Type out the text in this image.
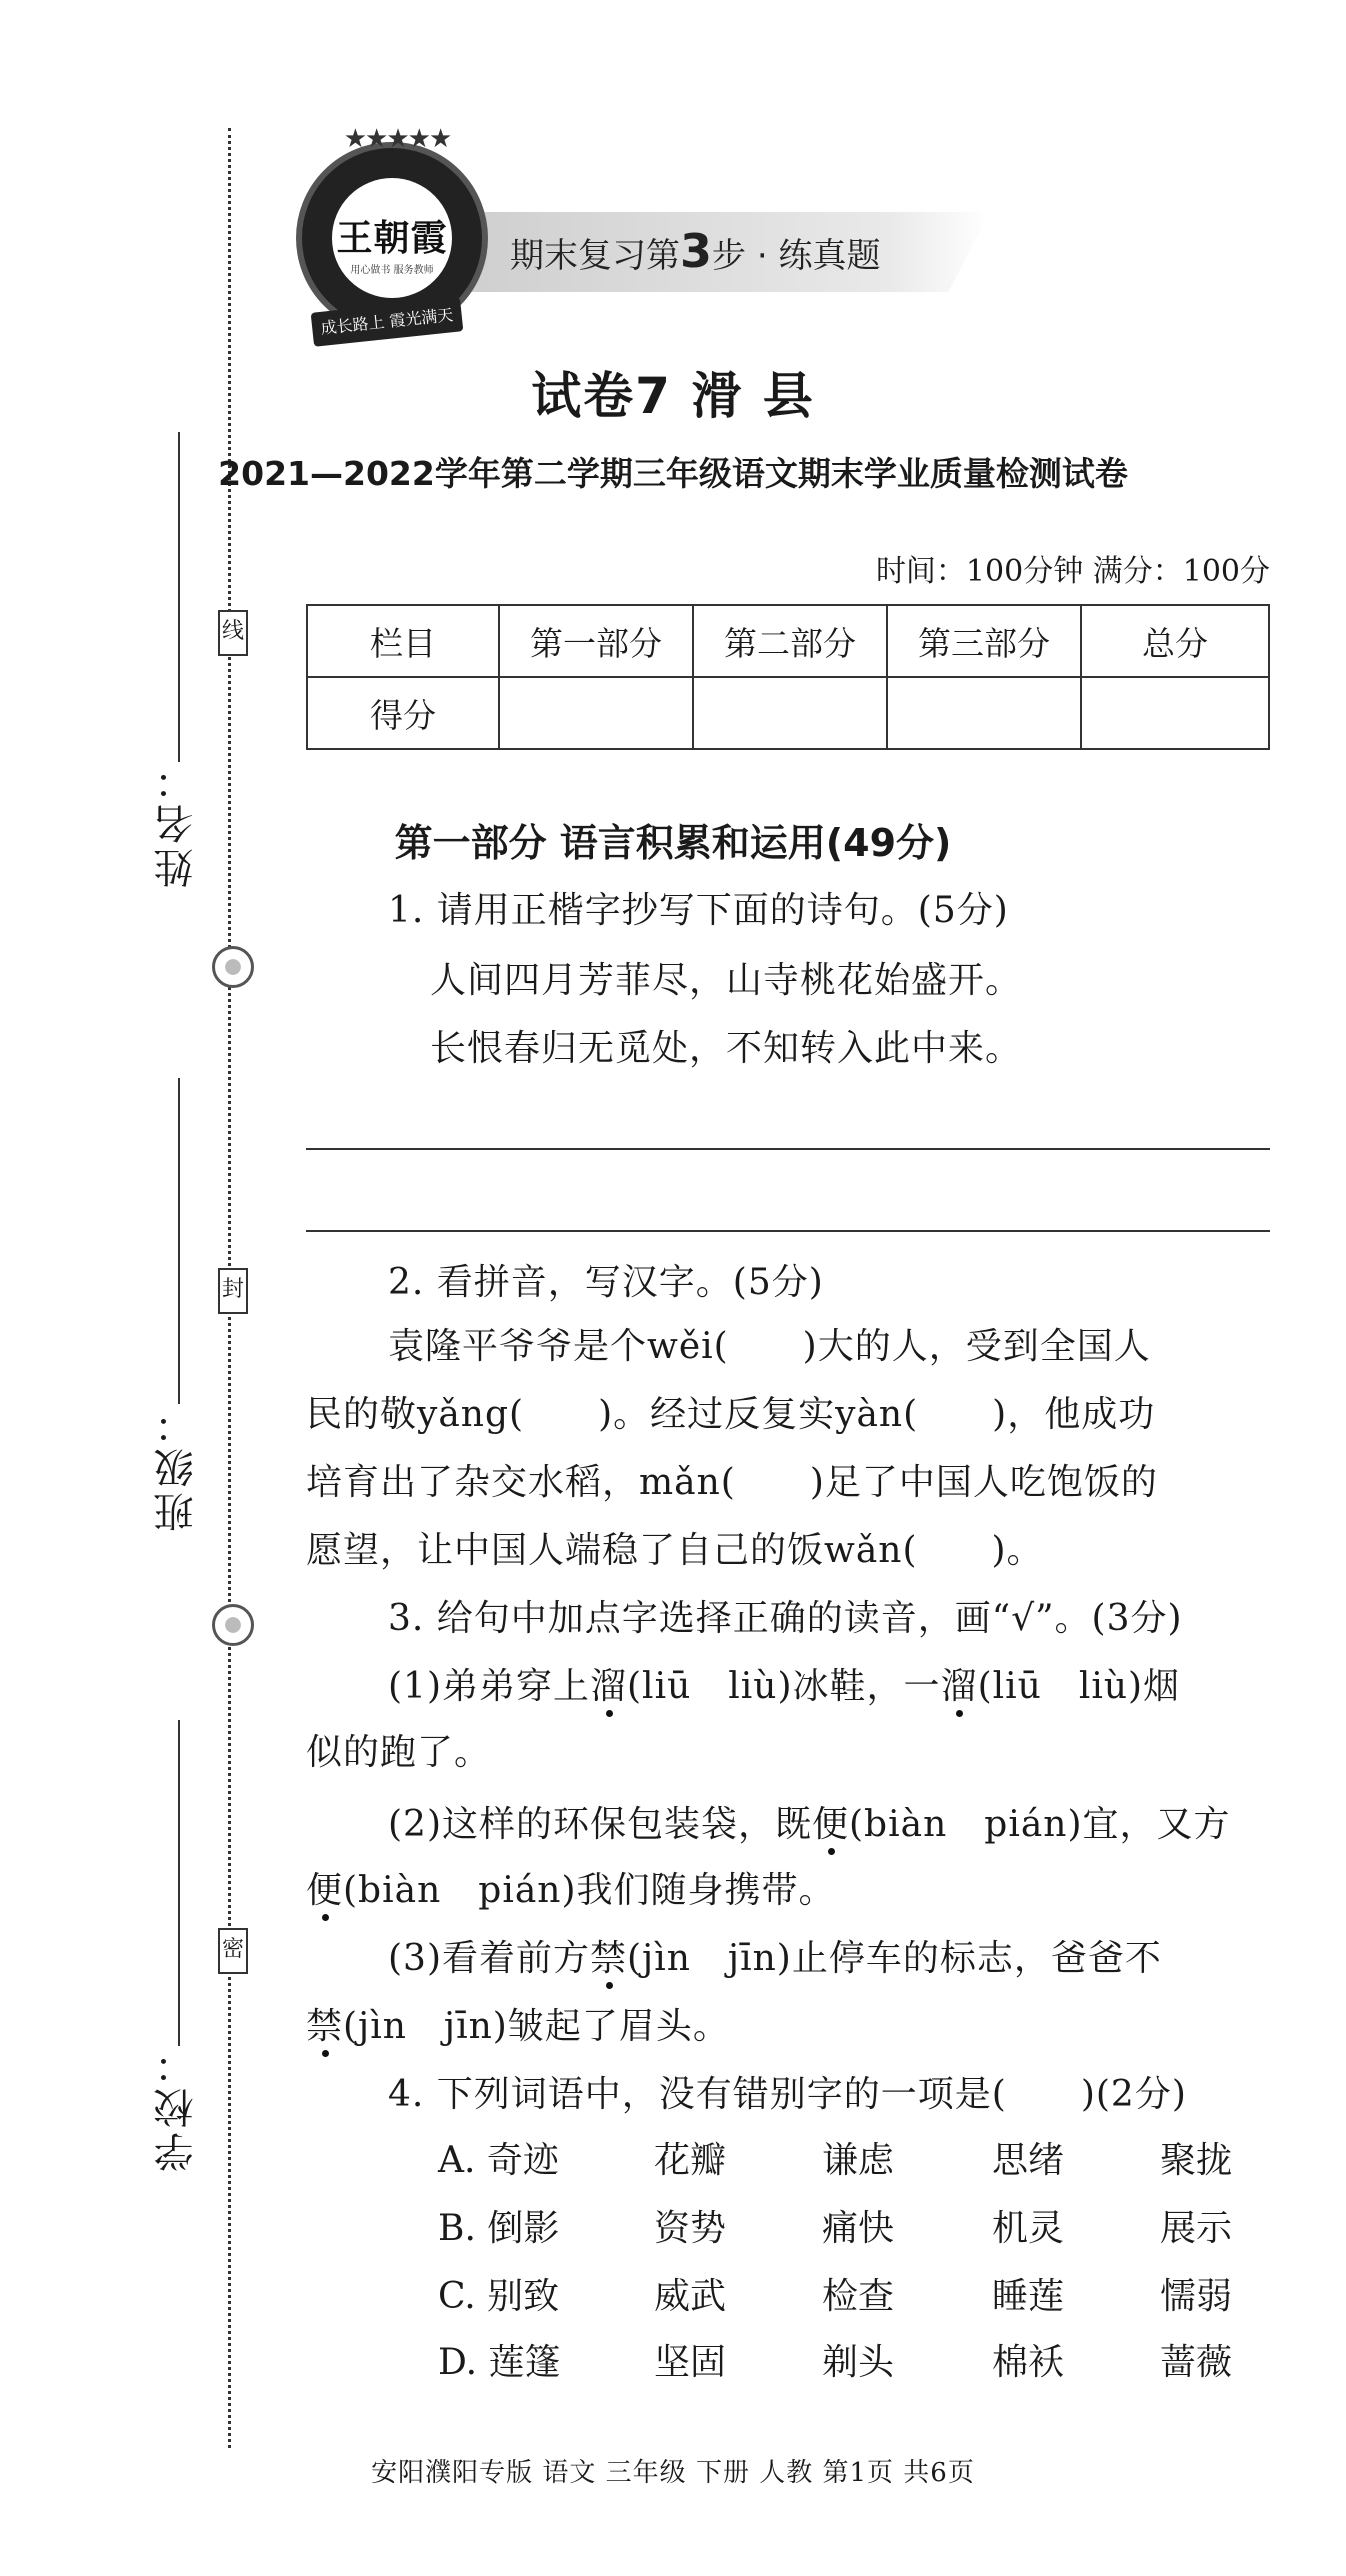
姓名：
班级：
学校：
线
封
密
期末复习第3步 · 练真题
★★★★★
王朝霞
用心做书 服务教师
成长路上 霞光满天
试卷7 滑 县
2021—2022学年第二学期三年级语文期末学业质量检测试卷
时间：100分钟 满分：100分
栏目	第一部分	第二部分	第三部分	总分
得分				
第一部分 语言积累和运用(49分)
1. 请用正楷字抄写下面的诗句。(5分)
人间四月芳菲尽，山寺桃花始盛开。
长恨春归无觅处，不知转入此中来。
2. 看拼音，写汉字。(5分)
袁隆平爷爷是个wěi(　　)大的人，受到全国人
民的敬yǎng(　　)。经过反复实yàn(　　)，他成功
培育出了杂交水稻，mǎn(　　)足了中国人吃饱饭的
愿望，让中国人端稳了自己的饭wǎn(　　)。
3. 给句中加点字选择正确的读音，画“√”。(3分)
(1)弟弟穿上溜(liū　liù)冰鞋，一溜(liū　liù)烟
似的跑了。
(2)这样的环保包装袋，既便(biàn　pián)宜，又方
便(biàn　pián)我们随身携带。
(3)看着前方禁(jìn　jīn)止停车的标志，爸爸不
禁(jìn　jīn)皱起了眉头。
4. 下列词语中，没有错别字的一项是(　　)(2分)
A. 奇迹	花瓣	谦虑	思绪	聚拢
B. 倒影	资势	痛快	机灵	展示
C. 别致	威武	检查	睡莲	懦弱
D. 莲篷	坚固	剃头	棉袄	蔷薇
安阳濮阳专版 语文 三年级 下册 人教 第1页 共6页
